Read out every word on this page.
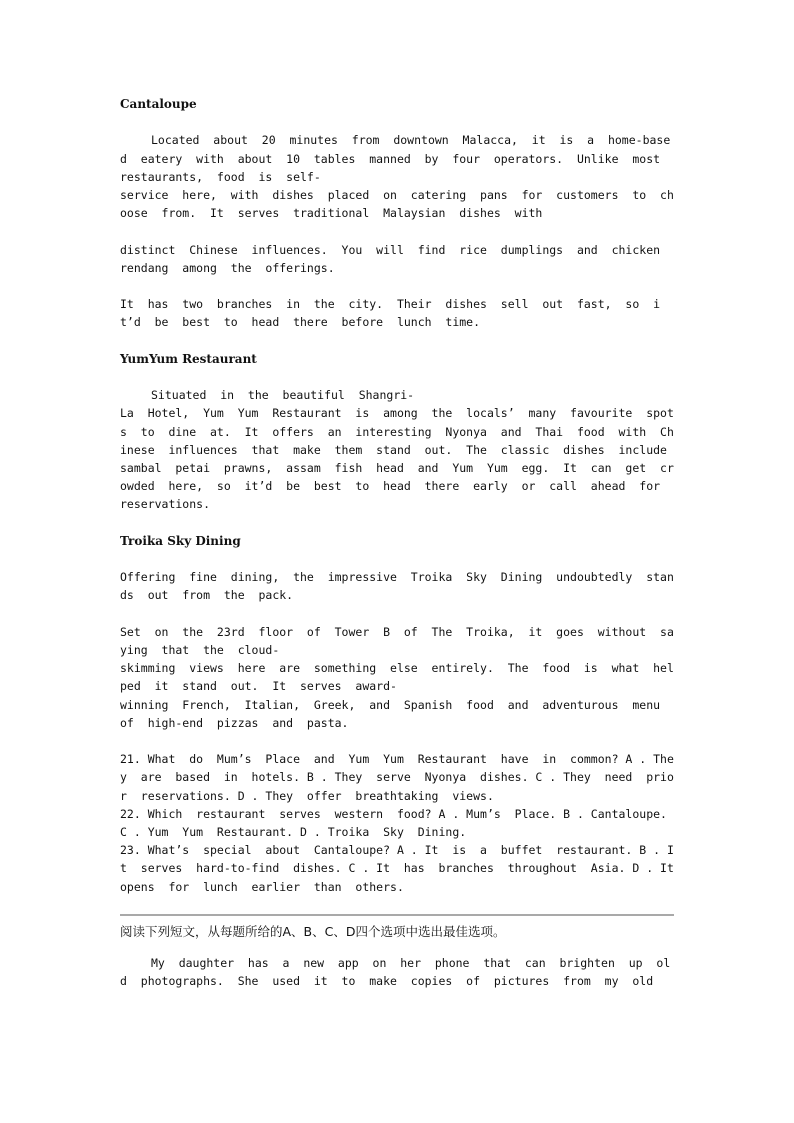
Cantaloupe

Located  about  20  minutes  from  downtown  Malacca,  it  is  a  home-based  eatery  with  about  10  tables  manned  by  four  operators.  Unlike  most  restaurants,  food  is  self-
service  here,  with  dishes  placed  on  catering  pans  for  customers  to  choose  from.  It  serves  traditional  Malaysian  dishes  with

distinct  Chinese  influences.  You  will  find  rice  dumplings  and  chicken  rendang  among  the  offerings.

It  has  two  branches  in  the  city.  Their  dishes  sell  out  fast,  so  it’d  be  best  to  head  there  before  lunch  time.

YumYum Restaurant

Situated  in  the  beautiful  Shangri-
La  Hotel,  Yum  Yum  Restaurant  is  among  the  locals’  many  favourite  spots  to  dine  at.  It  offers  an  interesting  Nyonya  and  Thai  food  with  Chinese  influences  that  make  them  stand  out.  The  classic  dishes  include  sambal  petai  prawns,  assam  fish  head  and  Yum  Yum  egg.  It  can  get  crowded  here,  so  it’d  be  best  to  head  there  early  or  call  ahead  for  reservations.

Troika Sky Dining

Offering  fine  dining,  the  impressive  Troika  Sky  Dining  undoubtedly  stands  out  from  the  pack.

Set  on  the  23rd  floor  of  Tower  B  of  The  Troika,  it  goes  without  saying  that  the  cloud-
skimming  views  here  are  something  else  entirely.  The  food  is  what  helped  it  stand  out.  It  serves  award-
winning  French,  Italian,  Greek,  and  Spanish  food  and  adventurous  menu  of  high-end  pizzas  and  pasta.

21. What  do  Mum’s  Place  and  Yum  Yum  Restaurant  have  in  common? A . They  are  based  in  hotels. B . They  serve  Nyonya  dishes. C . They  need  prior  reservations. D . They  offer  breathtaking  views.

22. Which  restaurant  serves  western  food? A . Mum’s  Place. B . Cantaloupe. C . Yum  Yum  Restaurant. D . Troika  Sky  Dining.

23. What’s  special  about  Cantaloupe? A . It  is  a  buffet  restaurant. B . It  serves  hard-to-find  dishes. C . It  has  branches  throughout  Asia. D . It  opens  for  lunch  earlier  than  others.

阅读下列短文，从每题所给的A、B、C、D四个选项中选出最佳选项。

My  daughter  has  a  new  app  on  her  phone  that  can  brighten  up  old  photographs.  She  used  it  to  make  copies  of  pictures  from  my  old
